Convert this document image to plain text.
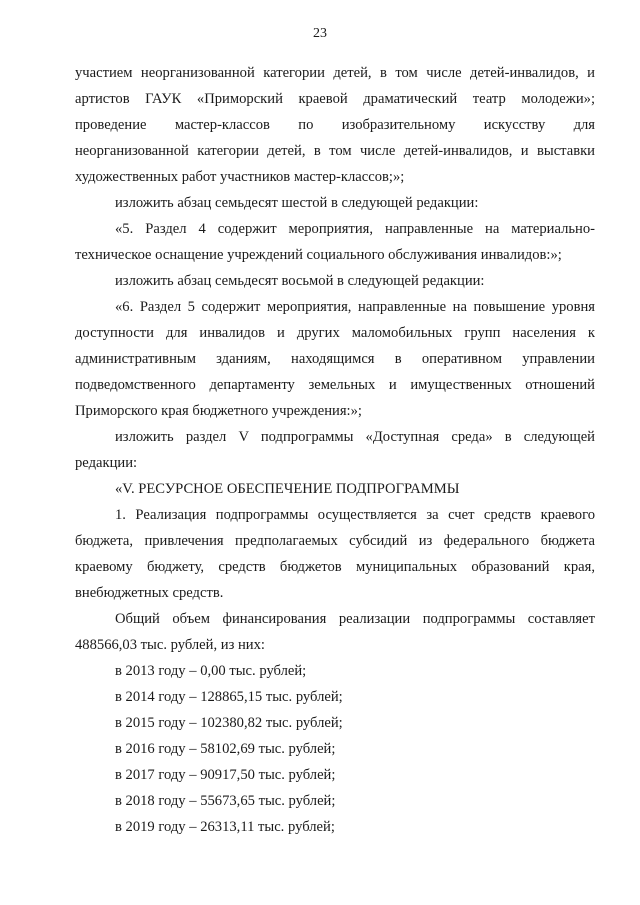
23
участием неорганизованной категории детей, в том числе детей-инвалидов, и
артистов ГАУК «Приморский краевой драматический театр молодежи»;
проведение мастер-классов по изобразительному искусству для
неорганизованной категории детей, в том числе детей-инвалидов, и выставки
художественных работ участников мастер-классов;»;
изложить абзац семьдесят шестой в следующей редакции:
«5. Раздел 4 содержит мероприятия, направленные на материально-
техническое оснащение учреждений социального обслуживания инвалидов:»;
изложить абзац семьдесят восьмой в следующей редакции:
«6. Раздел 5 содержит мероприятия, направленные на повышение уровня
доступности для инвалидов и других маломобильных групп населения к
административным зданиям, находящимся в оперативном управлении
подведомственного департаменту земельных и имущественных отношений
Приморского края бюджетного учреждения:»;
изложить раздел V подпрограммы «Доступная среда» в следующей
редакции:
«V. РЕСУРСНОЕ ОБЕСПЕЧЕНИЕ ПОДПРОГРАММЫ
1. Реализация подпрограммы осуществляется за счет средств краевого
бюджета, привлечения предполагаемых субсидий из федерального бюджета
краевому бюджету, средств бюджетов муниципальных образований края,
внебюджетных средств.
Общий объем финансирования реализации подпрограммы составляет
488566,03 тыс. рублей, из них:
в 2013 году – 0,00 тыс. рублей;
в 2014 году – 128865,15 тыс. рублей;
в 2015 году – 102380,82 тыс. рублей;
в 2016 году – 58102,69 тыс. рублей;
в 2017 году – 90917,50 тыс. рублей;
в 2018 году – 55673,65 тыс. рублей;
в 2019 году – 26313,11 тыс. рублей;
